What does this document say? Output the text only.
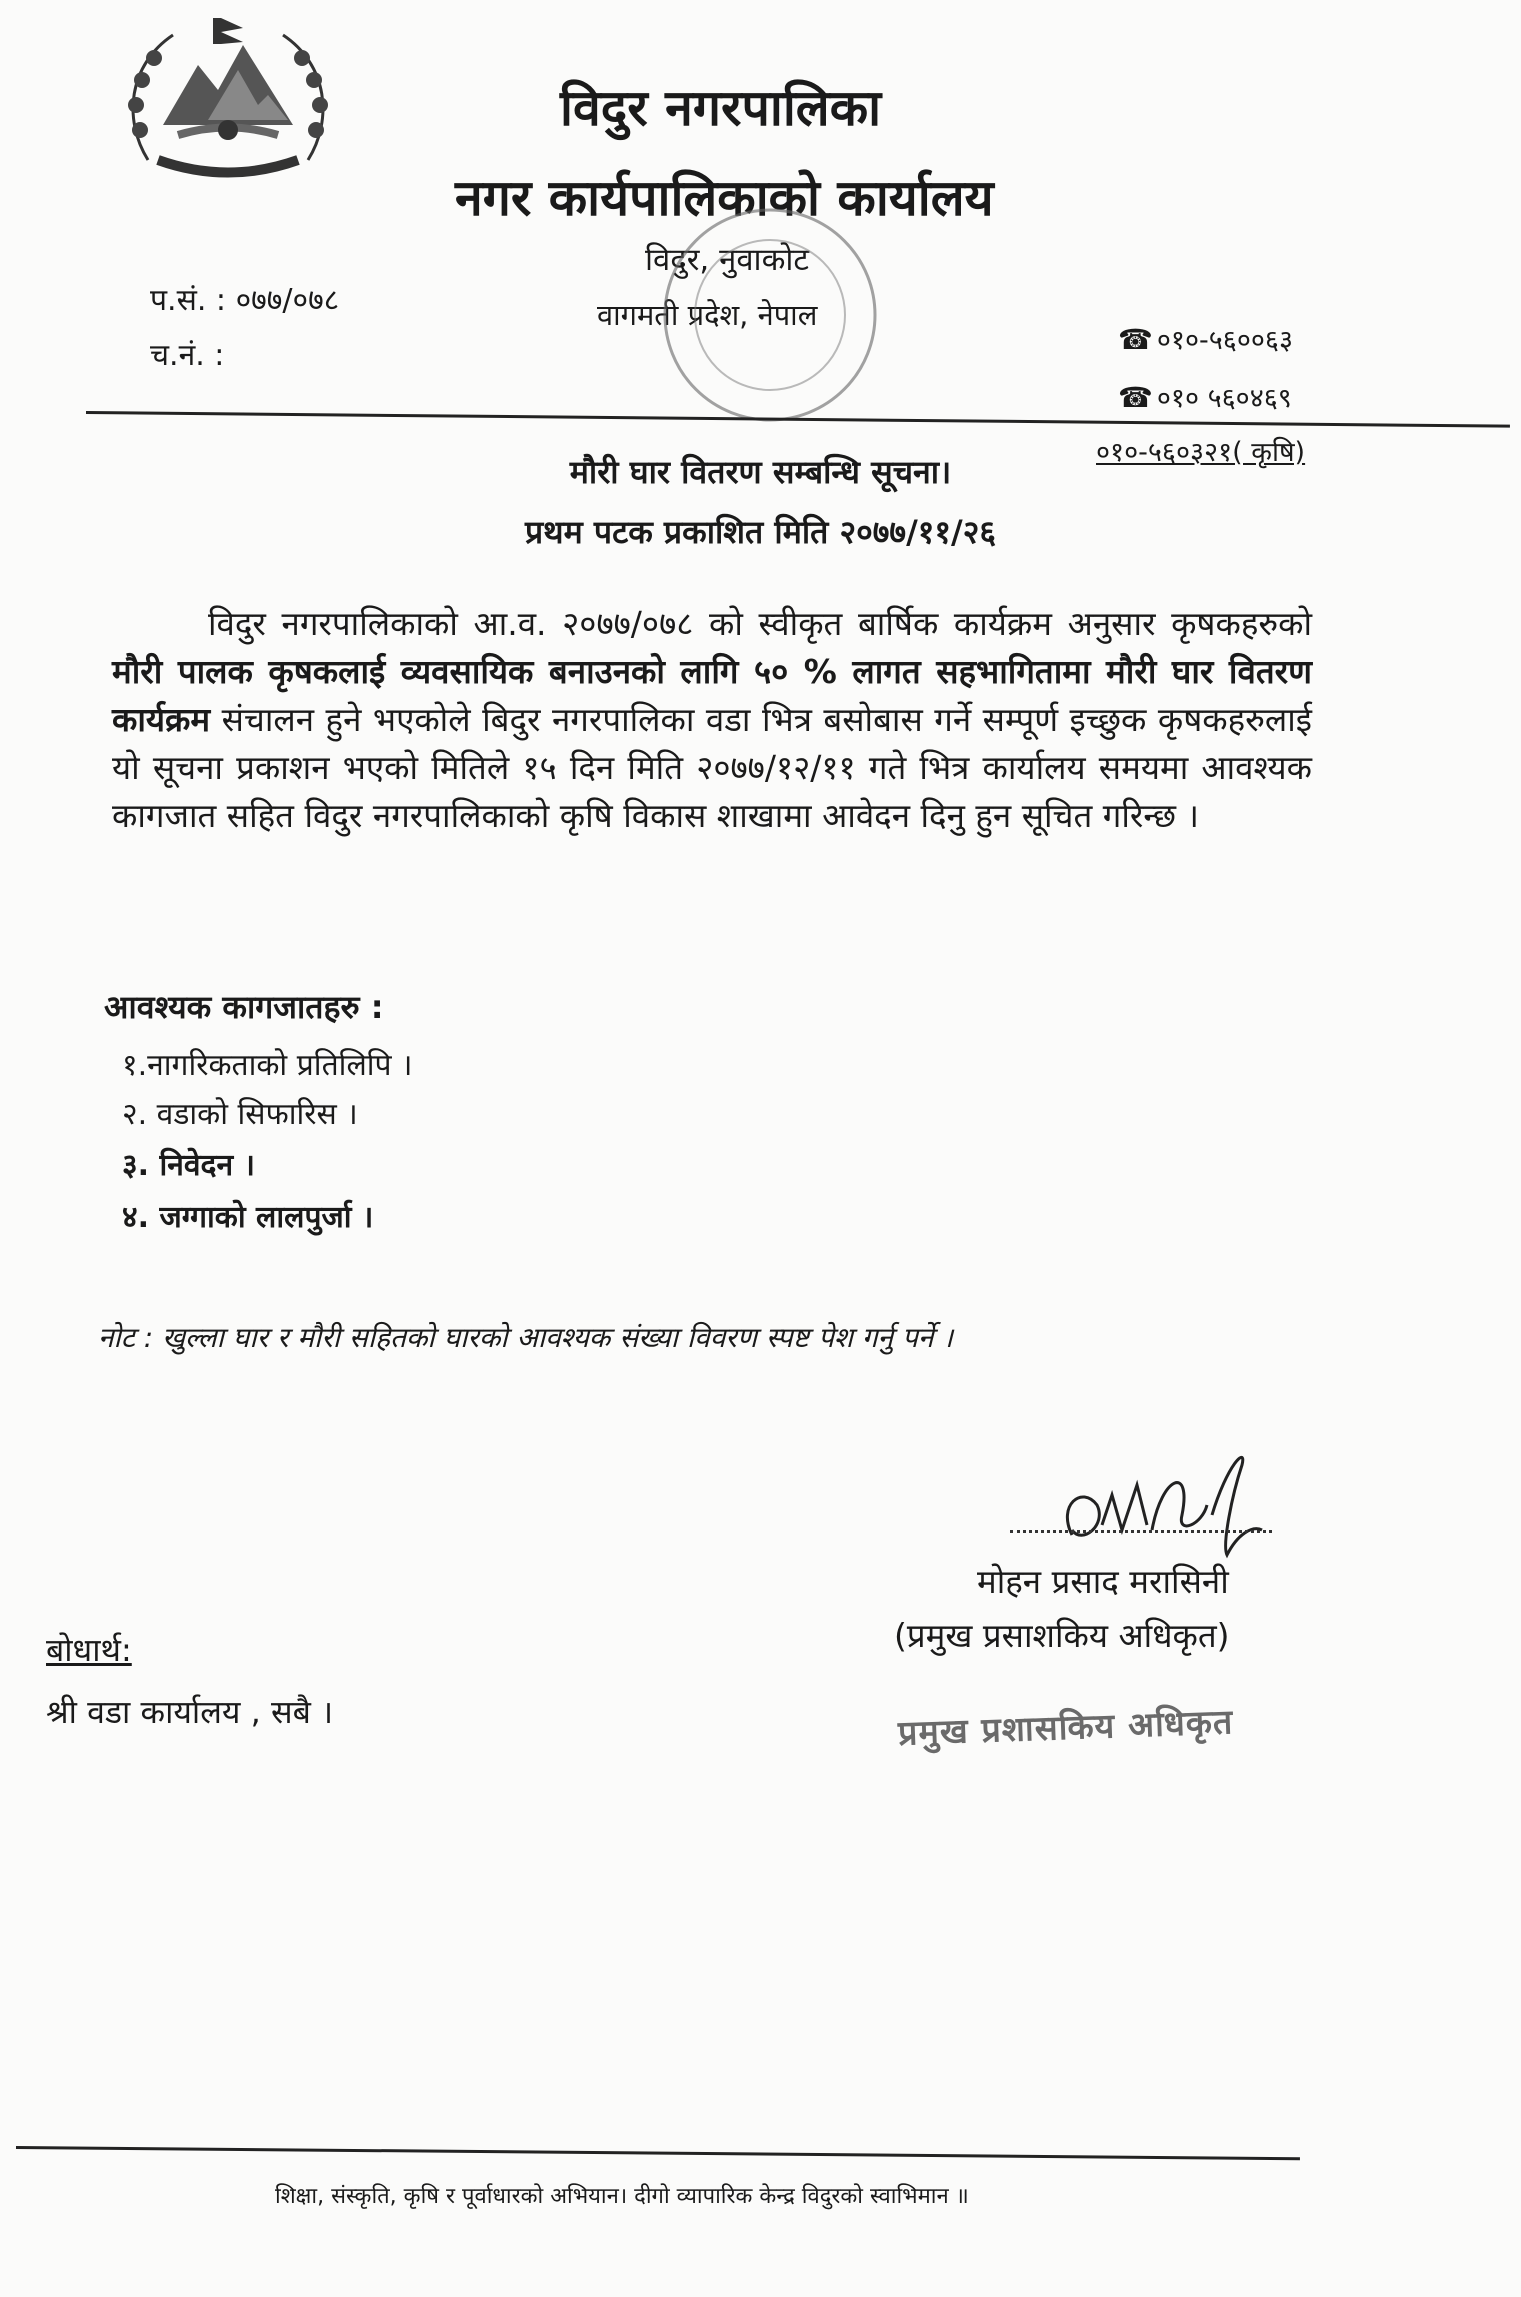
विदुर नगरपालिका
नगर कार्यपालिकाको कार्यालय
विदुर, नुवाकोट
वागमती प्रदेश, नेपाल
प.सं. : ०७७/०७८
च.नं. :	☎ ०१०-५६००६३
☎ ०१० ५६०४६९
०१०-५६०३२१( कृषि)
मौरी घार वितरण सम्बन्धि सूचना।
प्रथम पटक प्रकाशित मिति २०७७/११/२६
विदुर नगरपालिकाको आ.व. २०७७/०७८ को स्वीकृत बार्षिक कार्यक्रम अनुसार कृषकहरुको मौरी पालक कृषकलाई व्यवसायिक बनाउनको लागि ५० % लागत सहभागितामा मौरी घार वितरण कार्यक्रम संचालन हुने भएकोले बिदुर नगरपालिका वडा भित्र बसोबास गर्ने सम्पूर्ण इच्छुक कृषकहरुलाई यो सूचना प्रकाशन भएको मितिले १५ दिन मिति २०७७/१२/११ गते भित्र कार्यालय समयमा आवश्यक कागजात सहित विदुर नगरपालिकाको कृषि विकास शाखामा आवेदन दिनु हुन सूचित गरिन्छ ।
आवश्यक कागजातहरु :
१.नागरिकताको प्रतिलिपि ।
२. वडाको सिफारिस ।
३. निवेदन ।
४. जग्गाको लालपुर्जा ।
नोट : खुल्ला घार र मौरी सहितको घारको आवश्यक संख्या विवरण स्पष्ट पेश गर्नु पर्ने ।
मोहन प्रसाद मरासिनी
(प्रमुख प्रसाशकिय अधिकृत)
प्रमुख प्रशासकिय अधिकृत
बोधार्थ:
श्री वडा कार्यालय , सबै ।
शिक्षा, संस्कृति, कृषि र पूर्वाधारको अभियान। दीगो व्यापारिक केन्द्र विदुरको स्वाभिमान ॥
